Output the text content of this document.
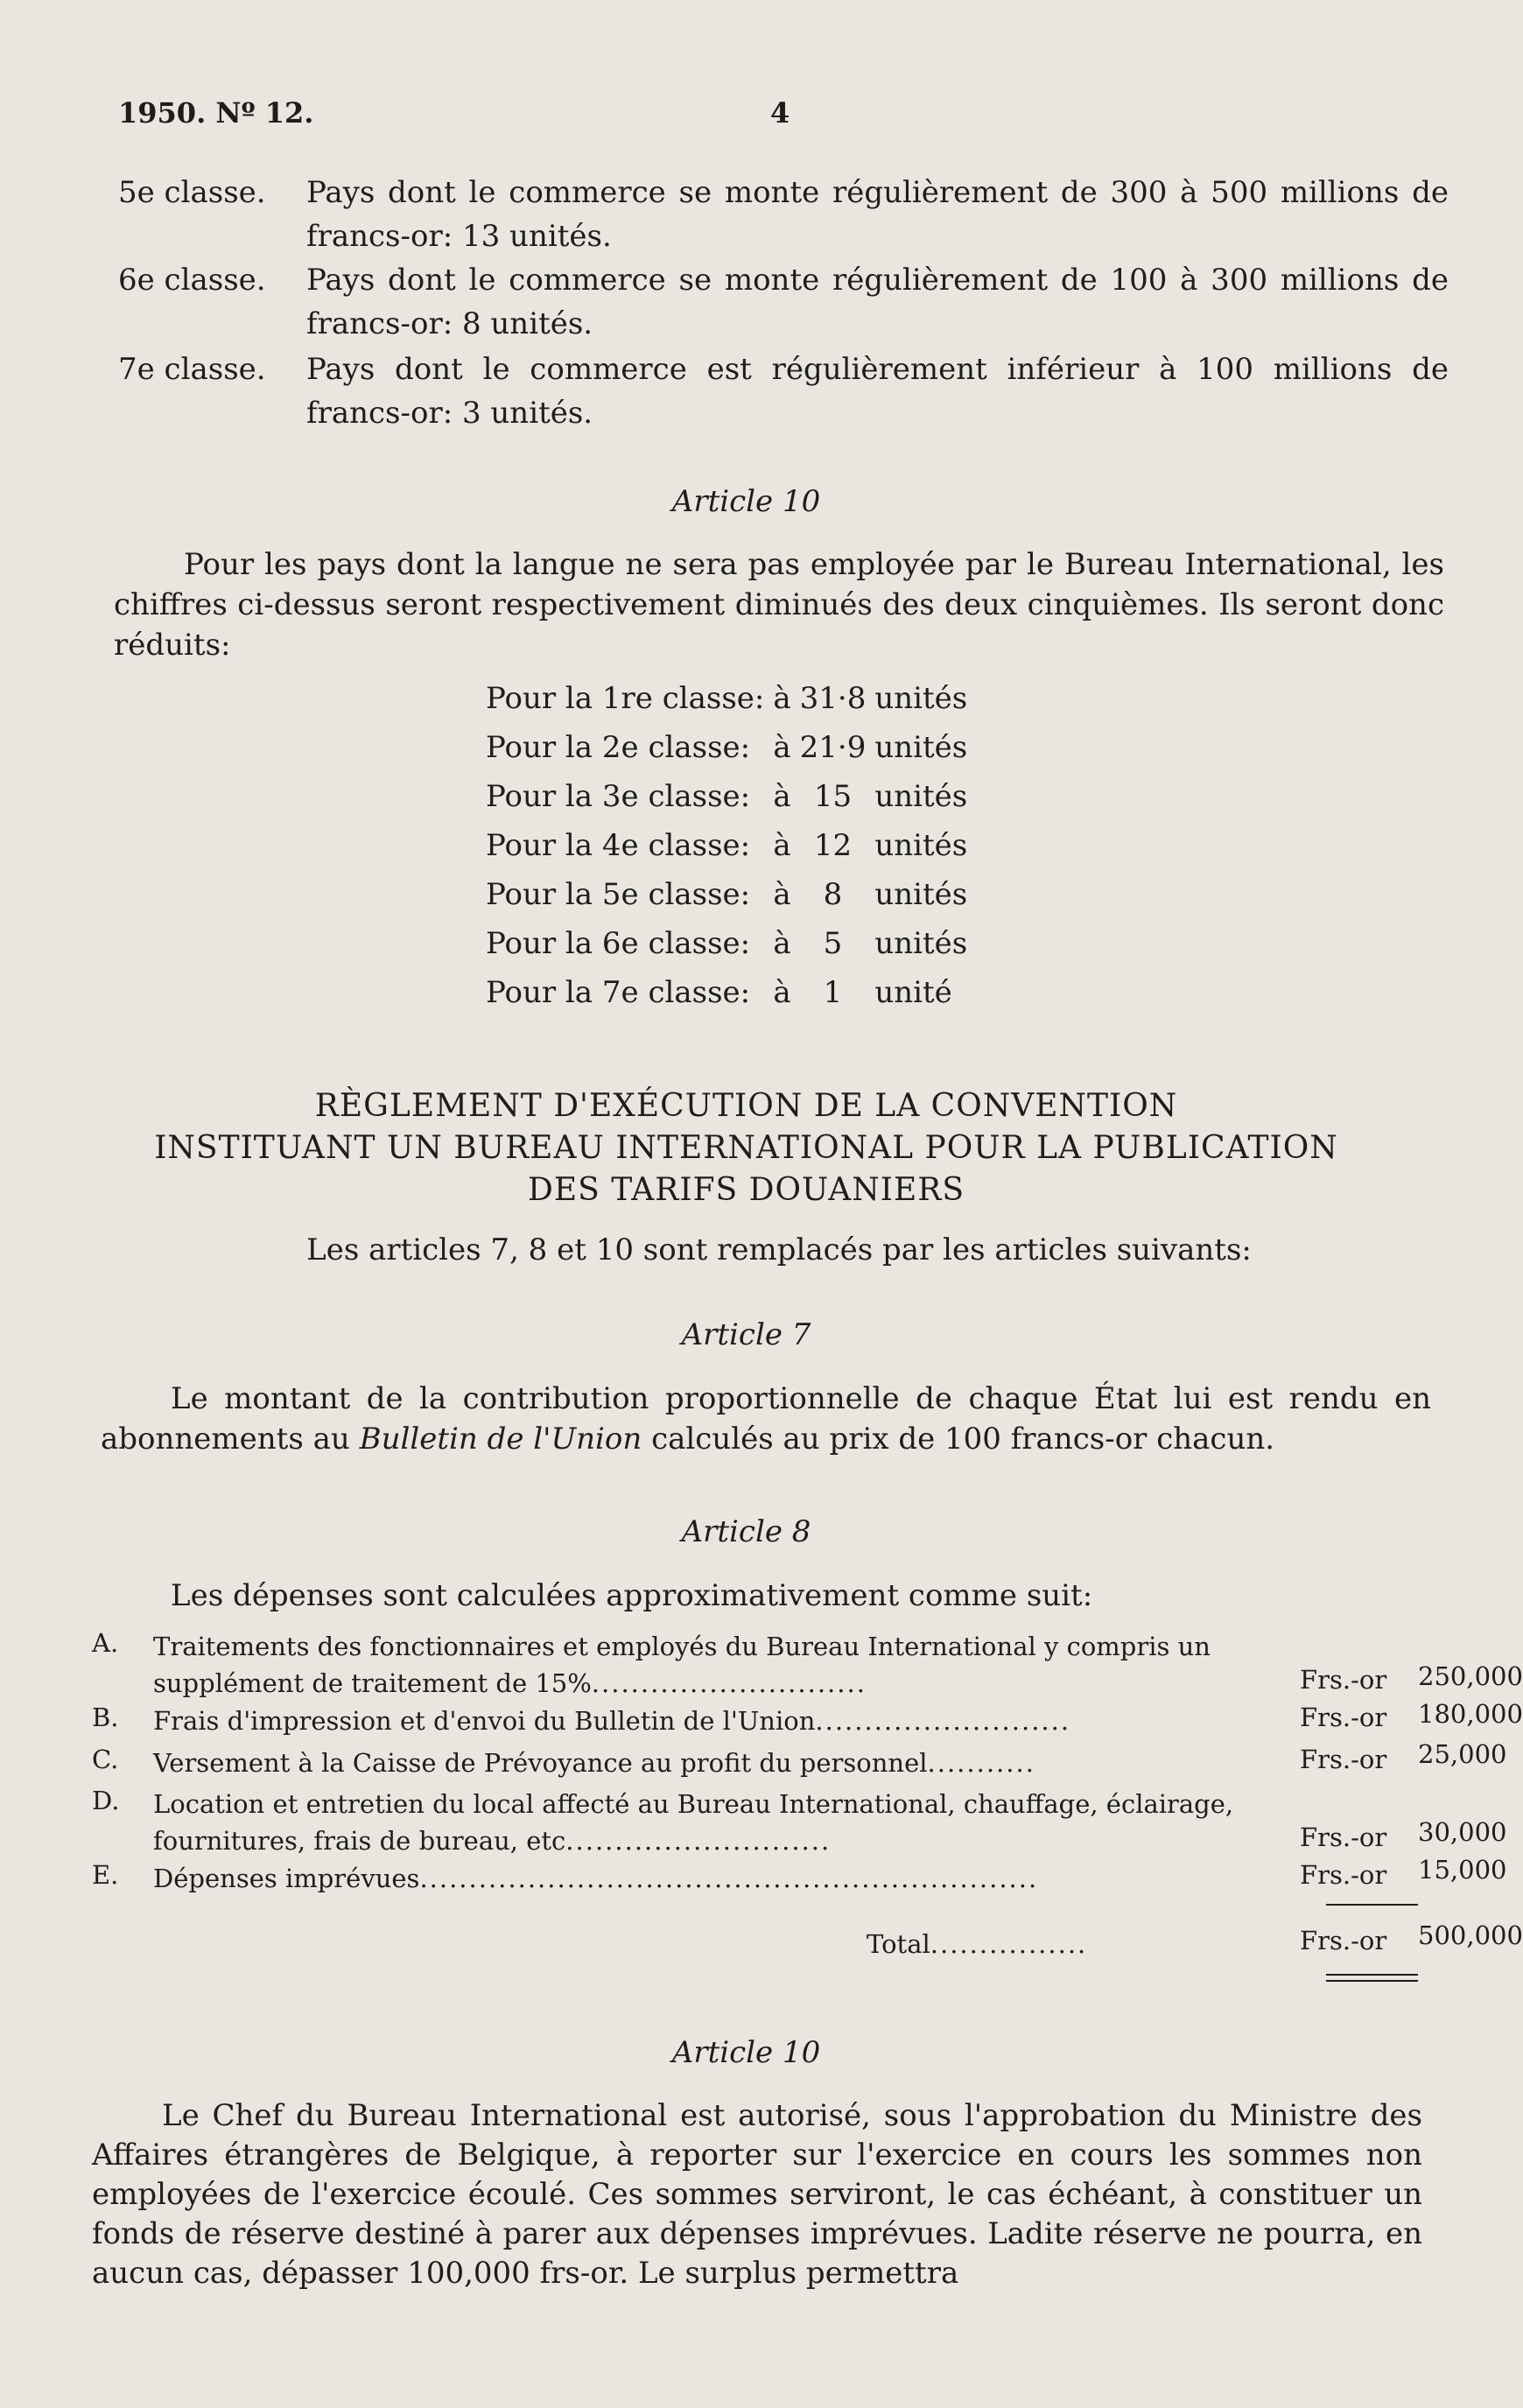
1950. Nº 12.	4
5e classe.	Pays dont le commerce se monte régulièrement de 300 à 500 millions de francs-or: 13 unités.
6e classe.	Pays dont le commerce se monte régulièrement de 100 à 300 millions de francs-or: 8 unités.
7e classe.	Pays dont le commerce est régulièrement inférieur à 100 millions de francs-or: 3 unités.
Article 10
Pour les pays dont la langue ne sera pas employée par le Bureau International, les chiffres ci-dessus seront respectivement diminués des deux cinquièmes. Ils seront donc réduits:
Pour la 1re classe:	à	31·8	unités
Pour la 2e classe:	à	21·9	unités
Pour la 3e classe:	à	15	unités
Pour la 4e classe:	à	12	unités
Pour la 5e classe:	à	8	unités
Pour la 6e classe:	à	5	unités
Pour la 7e classe:	à	1	unité
RÈGLEMENT D'EXÉCUTION DE LA CONVENTION
INSTITUANT UN BUREAU INTERNATIONAL POUR LA PUBLICATION
DES TARIFS DOUANIERS
Les articles 7, 8 et 10 sont remplacés par les articles suivants:
Article 7
Le montant de la contribution proportionnelle de chaque État lui est rendu en abonnements au Bulletin de l'Union calculés au prix de 100 francs-or chacun.
Article 8
Les dépenses sont calculées approximativement comme suit:
A.	Traitements des fonctionnaires et employés du Bureau International y compris un supplément de traitement de 15%............................	Frs.-or 250,000
B.	Frais d'impression et d'envoi du Bulletin de l'Union..........................	Frs.-or 180,000
C.	Versement à la Caisse de Prévoyance au profit du personnel...........	Frs.-or 25,000
D.	Location et entretien du local affecté au Bureau International, chauffage, éclairage, fournitures, frais de bureau, etc...........................	Frs.-or 30,000
E.	Dépenses imprévues...............................................................	Frs.-or 15,000
Total................	Frs.-or 500,000
Article 10
Le Chef du Bureau International est autorisé, sous l'approbation du Ministre des Affaires étrangères de Belgique, à reporter sur l'exercice en cours les sommes non employées de l'exercice écoulé. Ces sommes serviront, le cas échéant, à constituer un fonds de réserve destiné à parer aux dépenses imprévues. Ladite réserve ne pourra, en aucun cas, dépasser 100,000 frs-or. Le surplus permettra
